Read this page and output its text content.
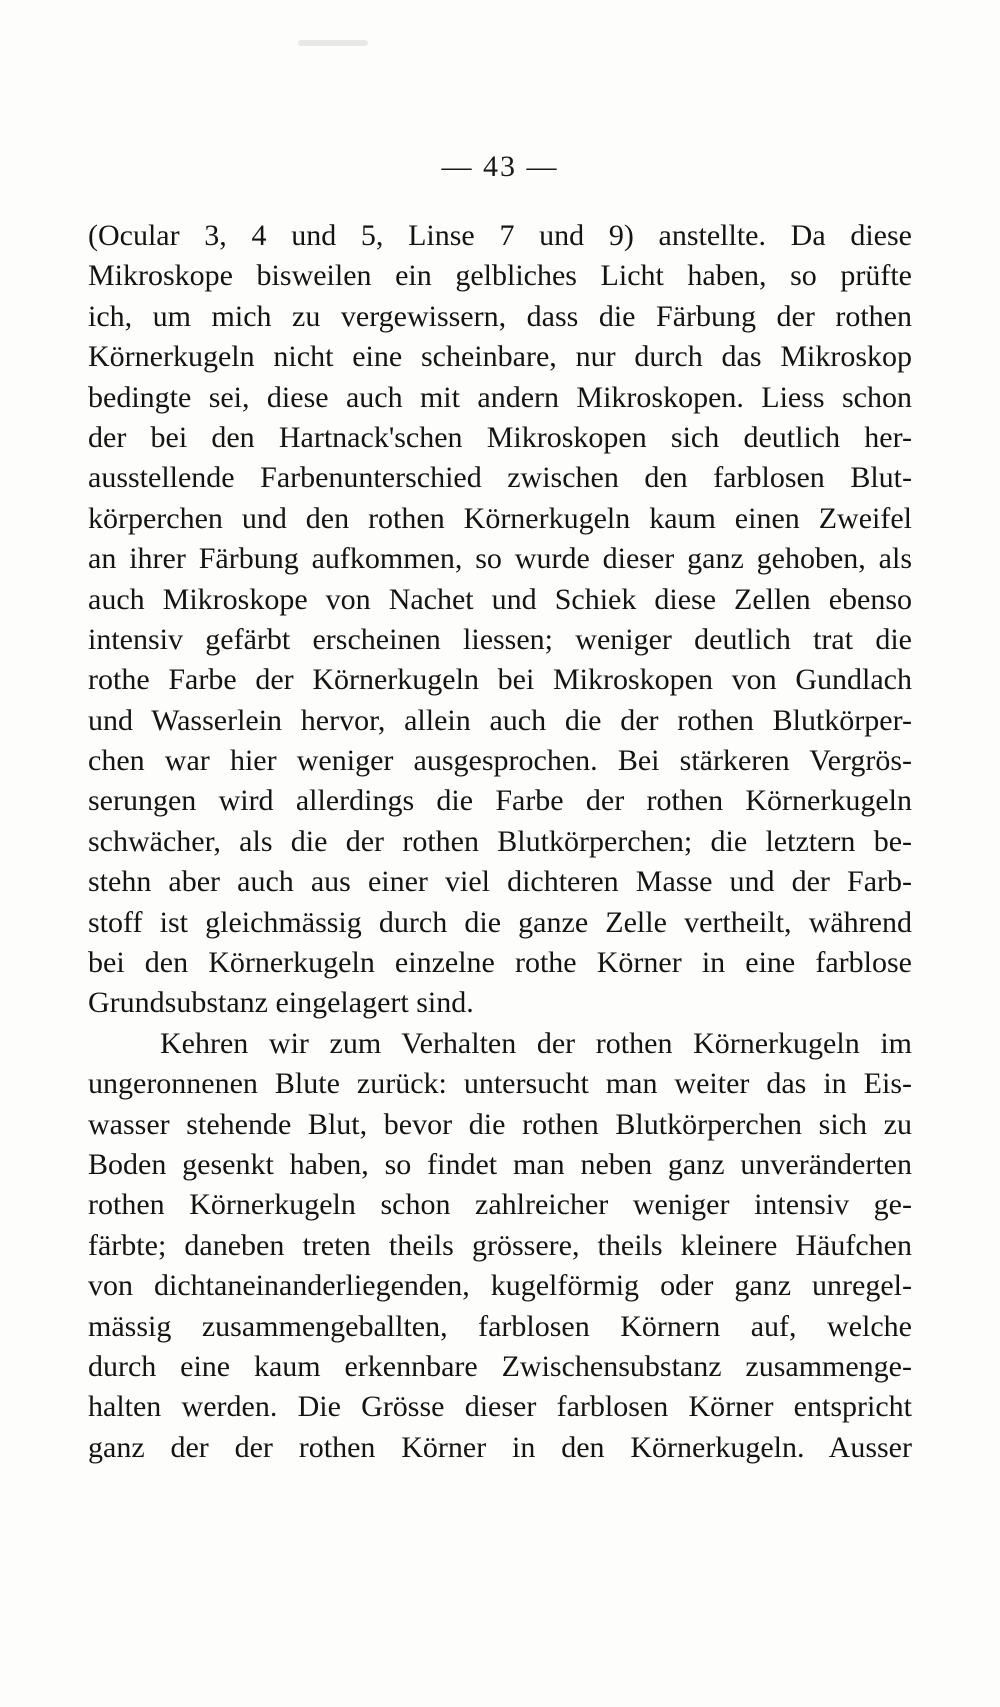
— 43 —
(Ocular 3, 4 und 5, Linse 7 und 9) anstellte. Da diese
Mikroskope bisweilen ein gelbliches Licht haben, so prüfte
ich, um mich zu vergewissern, dass die Färbung der rothen
Körnerkugeln nicht eine scheinbare, nur durch das Mikroskop
bedingte sei, diese auch mit andern Mikroskopen. Liess schon
der bei den Hartnack'schen Mikroskopen sich deutlich her-
ausstellende Farbenunterschied zwischen den farblosen Blut-
körperchen und den rothen Körnerkugeln kaum einen Zweifel
an ihrer Färbung aufkommen, so wurde dieser ganz gehoben, als
auch Mikroskope von Nachet und Schiek diese Zellen ebenso
intensiv gefärbt erscheinen liessen; weniger deutlich trat die
rothe Farbe der Körnerkugeln bei Mikroskopen von Gundlach
und Wasserlein hervor, allein auch die der rothen Blutkörper-
chen war hier weniger ausgesprochen. Bei stärkeren Vergrös-
serungen wird allerdings die Farbe der rothen Körnerkugeln
schwächer, als die der rothen Blutkörperchen; die letztern be-
stehn aber auch aus einer viel dichteren Masse und der Farb-
stoff ist gleichmässig durch die ganze Zelle vertheilt, während
bei den Körnerkugeln einzelne rothe Körner in eine farblose
Grundsubstanz eingelagert sind.
Kehren wir zum Verhalten der rothen Körnerkugeln im
ungeronnenen Blute zurück: untersucht man weiter das in Eis-
wasser stehende Blut, bevor die rothen Blutkörperchen sich zu
Boden gesenkt haben, so findet man neben ganz unveränderten
rothen Körnerkugeln schon zahlreicher weniger intensiv ge-
färbte; daneben treten theils grössere, theils kleinere Häufchen
von dichtaneinanderliegenden, kugelförmig oder ganz unregel-
mässig zusammengeballten, farblosen Körnern auf, welche
durch eine kaum erkennbare Zwischensubstanz zusammenge-
halten werden. Die Grösse dieser farblosen Körner entspricht
ganz der der rothen Körner in den Körnerkugeln. Ausser
